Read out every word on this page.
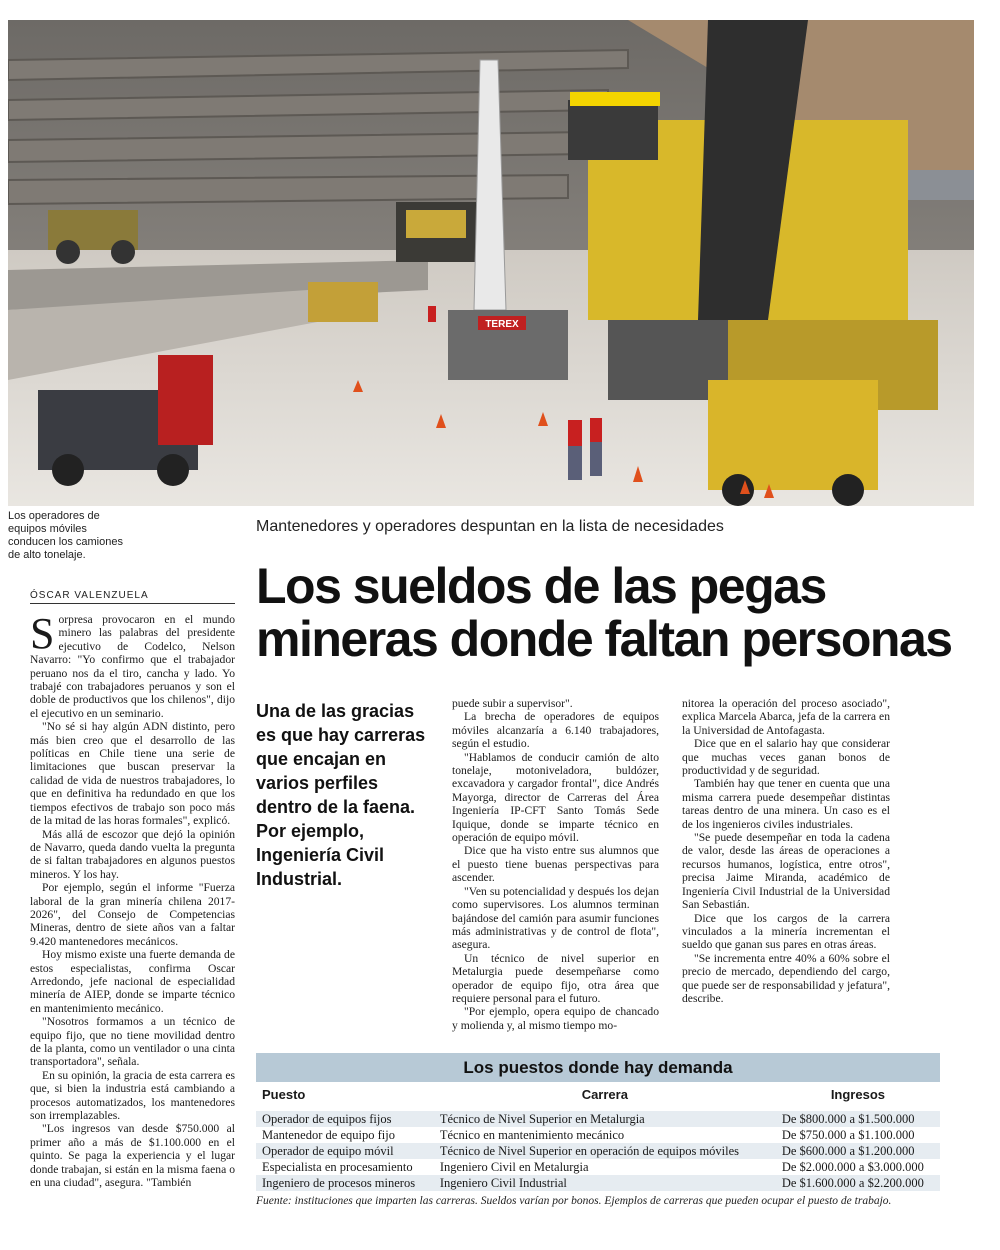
TEREX
Los operadores de equipos móviles conducen los camiones de alto tonelaje.
Mantenedores y operadores despuntan en la lista de necesidades
Los sueldos de las pegas mineras donde faltan personas
ÓSCAR VALENZUELA

Sorpresa provocaron en el mundo minero las palabras del presidente ejecutivo de Codelco, Nelson Navarro: "Yo confirmo que el trabajador peruano nos da el tiro, cancha y lado. Yo trabajé con trabajadores peruanos y son el doble de productivos que los chilenos", dijo el ejecutivo en un seminario.

"No sé si hay algún ADN distinto, pero más bien creo que el desarrollo de las políticas en Chile tiene una serie de limitaciones que buscan preservar la calidad de vida de nuestros trabajadores, lo que en definitiva ha redundado en que los tiempos efectivos de trabajo son poco más de la mitad de las horas formales", explicó.

Más allá de escozor que dejó la opinión de Navarro, queda dando vuelta la pregunta de si faltan trabajadores en algunos puestos mineros. Y los hay.

Por ejemplo, según el informe "Fuerza laboral de la gran minería chilena 2017-2026", del Consejo de Competencias Mineras, dentro de siete años van a faltar 9.420 mantenedores mecánicos.

Hoy mismo existe una fuerte demanda de estos especialistas, confirma Oscar Arredondo, jefe nacional de especialidad minería de AIEP, donde se imparte técnico en mantenimiento mecánico.

"Nosotros formamos a un técnico de equipo fijo, que no tiene movilidad dentro de la planta, como un ventilador o una cinta transportadora", señala.

En su opinión, la gracia de esta carrera es que, si bien la industria está cambiando a procesos automatizados, los mantenedores son irremplazables.

"Los ingresos van desde $750.000 al primer año a más de $1.100.000 en el quinto. Se paga la experiencia y el lugar donde trabajan, si están en la misma faena o en una ciudad", asegura. "También

Una de las gracias es que hay carreras que encajan en varios perfiles dentro de la faena. Por ejemplo, Ingeniería Civil Industrial.

puede subir a supervisor".

La brecha de operadores de equipos móviles alcanzaría a 6.140 trabajadores, según el estudio.

"Hablamos de conducir camión de alto tonelaje, motoniveladora, buldózer, excavadora y cargador frontal", dice Andrés Mayorga, director de Carreras del Área Ingeniería IP-CFT Santo Tomás Sede Iquique, donde se imparte técnico en operación de equipo móvil.

Dice que ha visto entre sus alumnos que el puesto tiene buenas perspectivas para ascender.

"Ven su potencialidad y después los dejan como supervisores. Los alumnos terminan bajándose del camión para asumir funciones más administrativas y de control de flota", asegura.

Un técnico de nivel superior en Metalurgia puede desempeñarse como operador de equipo fijo, otra área que requiere personal para el futuro.

"Por ejemplo, opera equipo de chancado y molienda y, al mismo tiempo mo-

nitorea la operación del proceso asociado", explica Marcela Abarca, jefa de la carrera en la Universidad de Antofagasta.

Dice que en el salario hay que considerar que muchas veces ganan bonos de productividad y de seguridad.

También hay que tener en cuenta que una misma carrera puede desempeñar distintas tareas dentro de una minera. Un caso es el de los ingenieros civiles industriales.

"Se puede desempeñar en toda la cadena de valor, desde las áreas de operaciones a recursos humanos, logística, entre otros", precisa Jaime Miranda, académico de Ingeniería Civil Industrial de la Universidad San Sebastián.

Dice que los cargos de la carrera vinculados a la minería incrementan el sueldo que ganan sus pares en otras áreas.

"Se incrementa entre 40% a 60% sobre el precio de mercado, dependiendo del cargo, que puede ser de responsabilidad y jefatura", describe.

Los puestos donde hay demanda
Puesto	Carrera	Ingresos
Operador de equipos fijos	Técnico de Nivel Superior en Metalurgia	De $800.000 a $1.500.000
Mantenedor de equipo fijo	Técnico en mantenimiento mecánico	De $750.000 a $1.100.000
Operador de equipo móvil	Técnico de Nivel Superior en operación de equipos móviles	De $600.000 a $1.200.000
Especialista en procesamiento	Ingeniero Civil en Metalurgia	De $2.000.000 a $3.000.000
Ingeniero de procesos mineros	Ingeniero Civil Industrial	De $1.600.000 a $2.200.000
Fuente: instituciones que imparten las carreras. Sueldos varían por bonos. Ejemplos de carreras que pueden ocupar el puesto de trabajo.
